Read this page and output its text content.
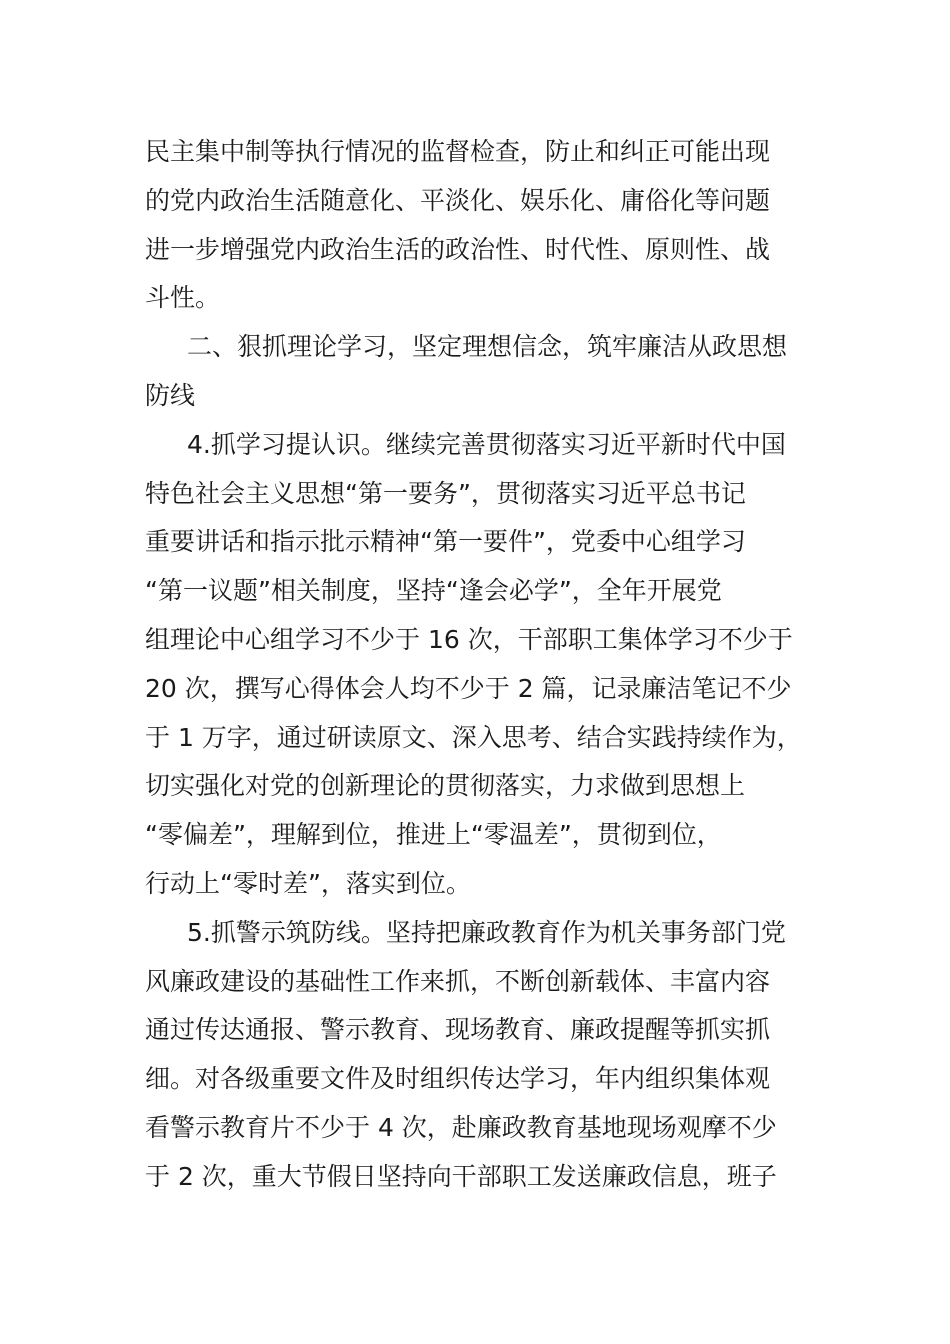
民主集中制等执行情况的监督检查，防止和纠正可能出现
的党内政治生活随意化、平淡化、娱乐化、庸俗化等问题
进一步增强党内政治生活的政治性、时代性、原则性、战
斗性。
二、狠抓理论学习，坚定理想信念，筑牢廉洁从政思想
防线
4.抓学习提认识。继续完善贯彻落实习近平新时代中国
特色社会主义思想“第一要务”，贯彻落实习近平总书记
重要讲话和指示批示精神“第一要件”，党委中心组学习
“第一议题”相关制度，坚持“逢会必学”，全年开展党
组理论中心组学习不少于 16 次，干部职工集体学习不少于
20 次，撰写心得体会人均不少于 2 篇，记录廉洁笔记不少
于 1 万字，通过研读原文、深入思考、结合实践持续作为，
切实强化对党的创新理论的贯彻落实，力求做到思想上
“零偏差”，理解到位，推进上“零温差”，贯彻到位，
行动上“零时差”，落实到位。
5.抓警示筑防线。坚持把廉政教育作为机关事务部门党
风廉政建设的基础性工作来抓，不断创新载体、丰富内容
通过传达通报、警示教育、现场教育、廉政提醒等抓实抓
细。对各级重要文件及时组织传达学习，年内组织集体观
看警示教育片不少于 4 次，赴廉政教育基地现场观摩不少
于 2 次，重大节假日坚持向干部职工发送廉政信息，班子
